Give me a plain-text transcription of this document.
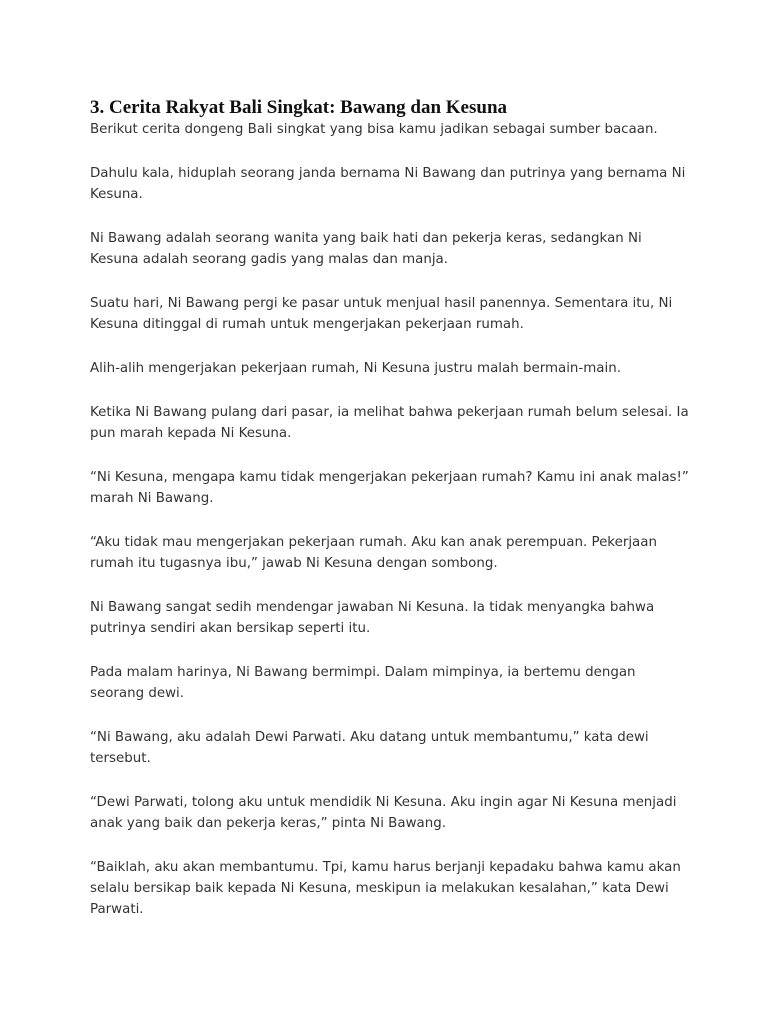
3. Cerita Rakyat Bali Singkat: Bawang dan Kesuna

Berikut cerita dongeng Bali singkat yang bisa kamu jadikan sebagai sumber bacaan.

Dahulu kala, hiduplah seorang janda bernama Ni Bawang dan putrinya yang bernama Ni Kesuna.

Ni Bawang adalah seorang wanita yang baik hati dan pekerja keras, sedangkan Ni Kesuna adalah seorang gadis yang malas dan manja.

Suatu hari, Ni Bawang pergi ke pasar untuk menjual hasil panennya. Sementara itu, Ni Kesuna ditinggal di rumah untuk mengerjakan pekerjaan rumah.

Alih-alih mengerjakan pekerjaan rumah, Ni Kesuna justru malah bermain-main.

Ketika Ni Bawang pulang dari pasar, ia melihat bahwa pekerjaan rumah belum selesai. Ia pun marah kepada Ni Kesuna.

“Ni Kesuna, mengapa kamu tidak mengerjakan pekerjaan rumah? Kamu ini anak malas!” marah Ni Bawang.

“Aku tidak mau mengerjakan pekerjaan rumah. Aku kan anak perempuan. Pekerjaan rumah itu tugasnya ibu,” jawab Ni Kesuna dengan sombong.

Ni Bawang sangat sedih mendengar jawaban Ni Kesuna. Ia tidak menyangka bahwa putrinya sendiri akan bersikap seperti itu.

Pada malam harinya, Ni Bawang bermimpi. Dalam mimpinya, ia bertemu dengan seorang dewi.

“Ni Bawang, aku adalah Dewi Parwati. Aku datang untuk membantumu,” kata dewi tersebut.

“Dewi Parwati, tolong aku untuk mendidik Ni Kesuna. Aku ingin agar Ni Kesuna menjadi anak yang baik dan pekerja keras,” pinta Ni Bawang.

“Baiklah, aku akan membantumu. Tpi, kamu harus berjanji kepadaku bahwa kamu akan selalu bersikap baik kepada Ni Kesuna, meskipun ia melakukan kesalahan,” kata Dewi Parwati.
